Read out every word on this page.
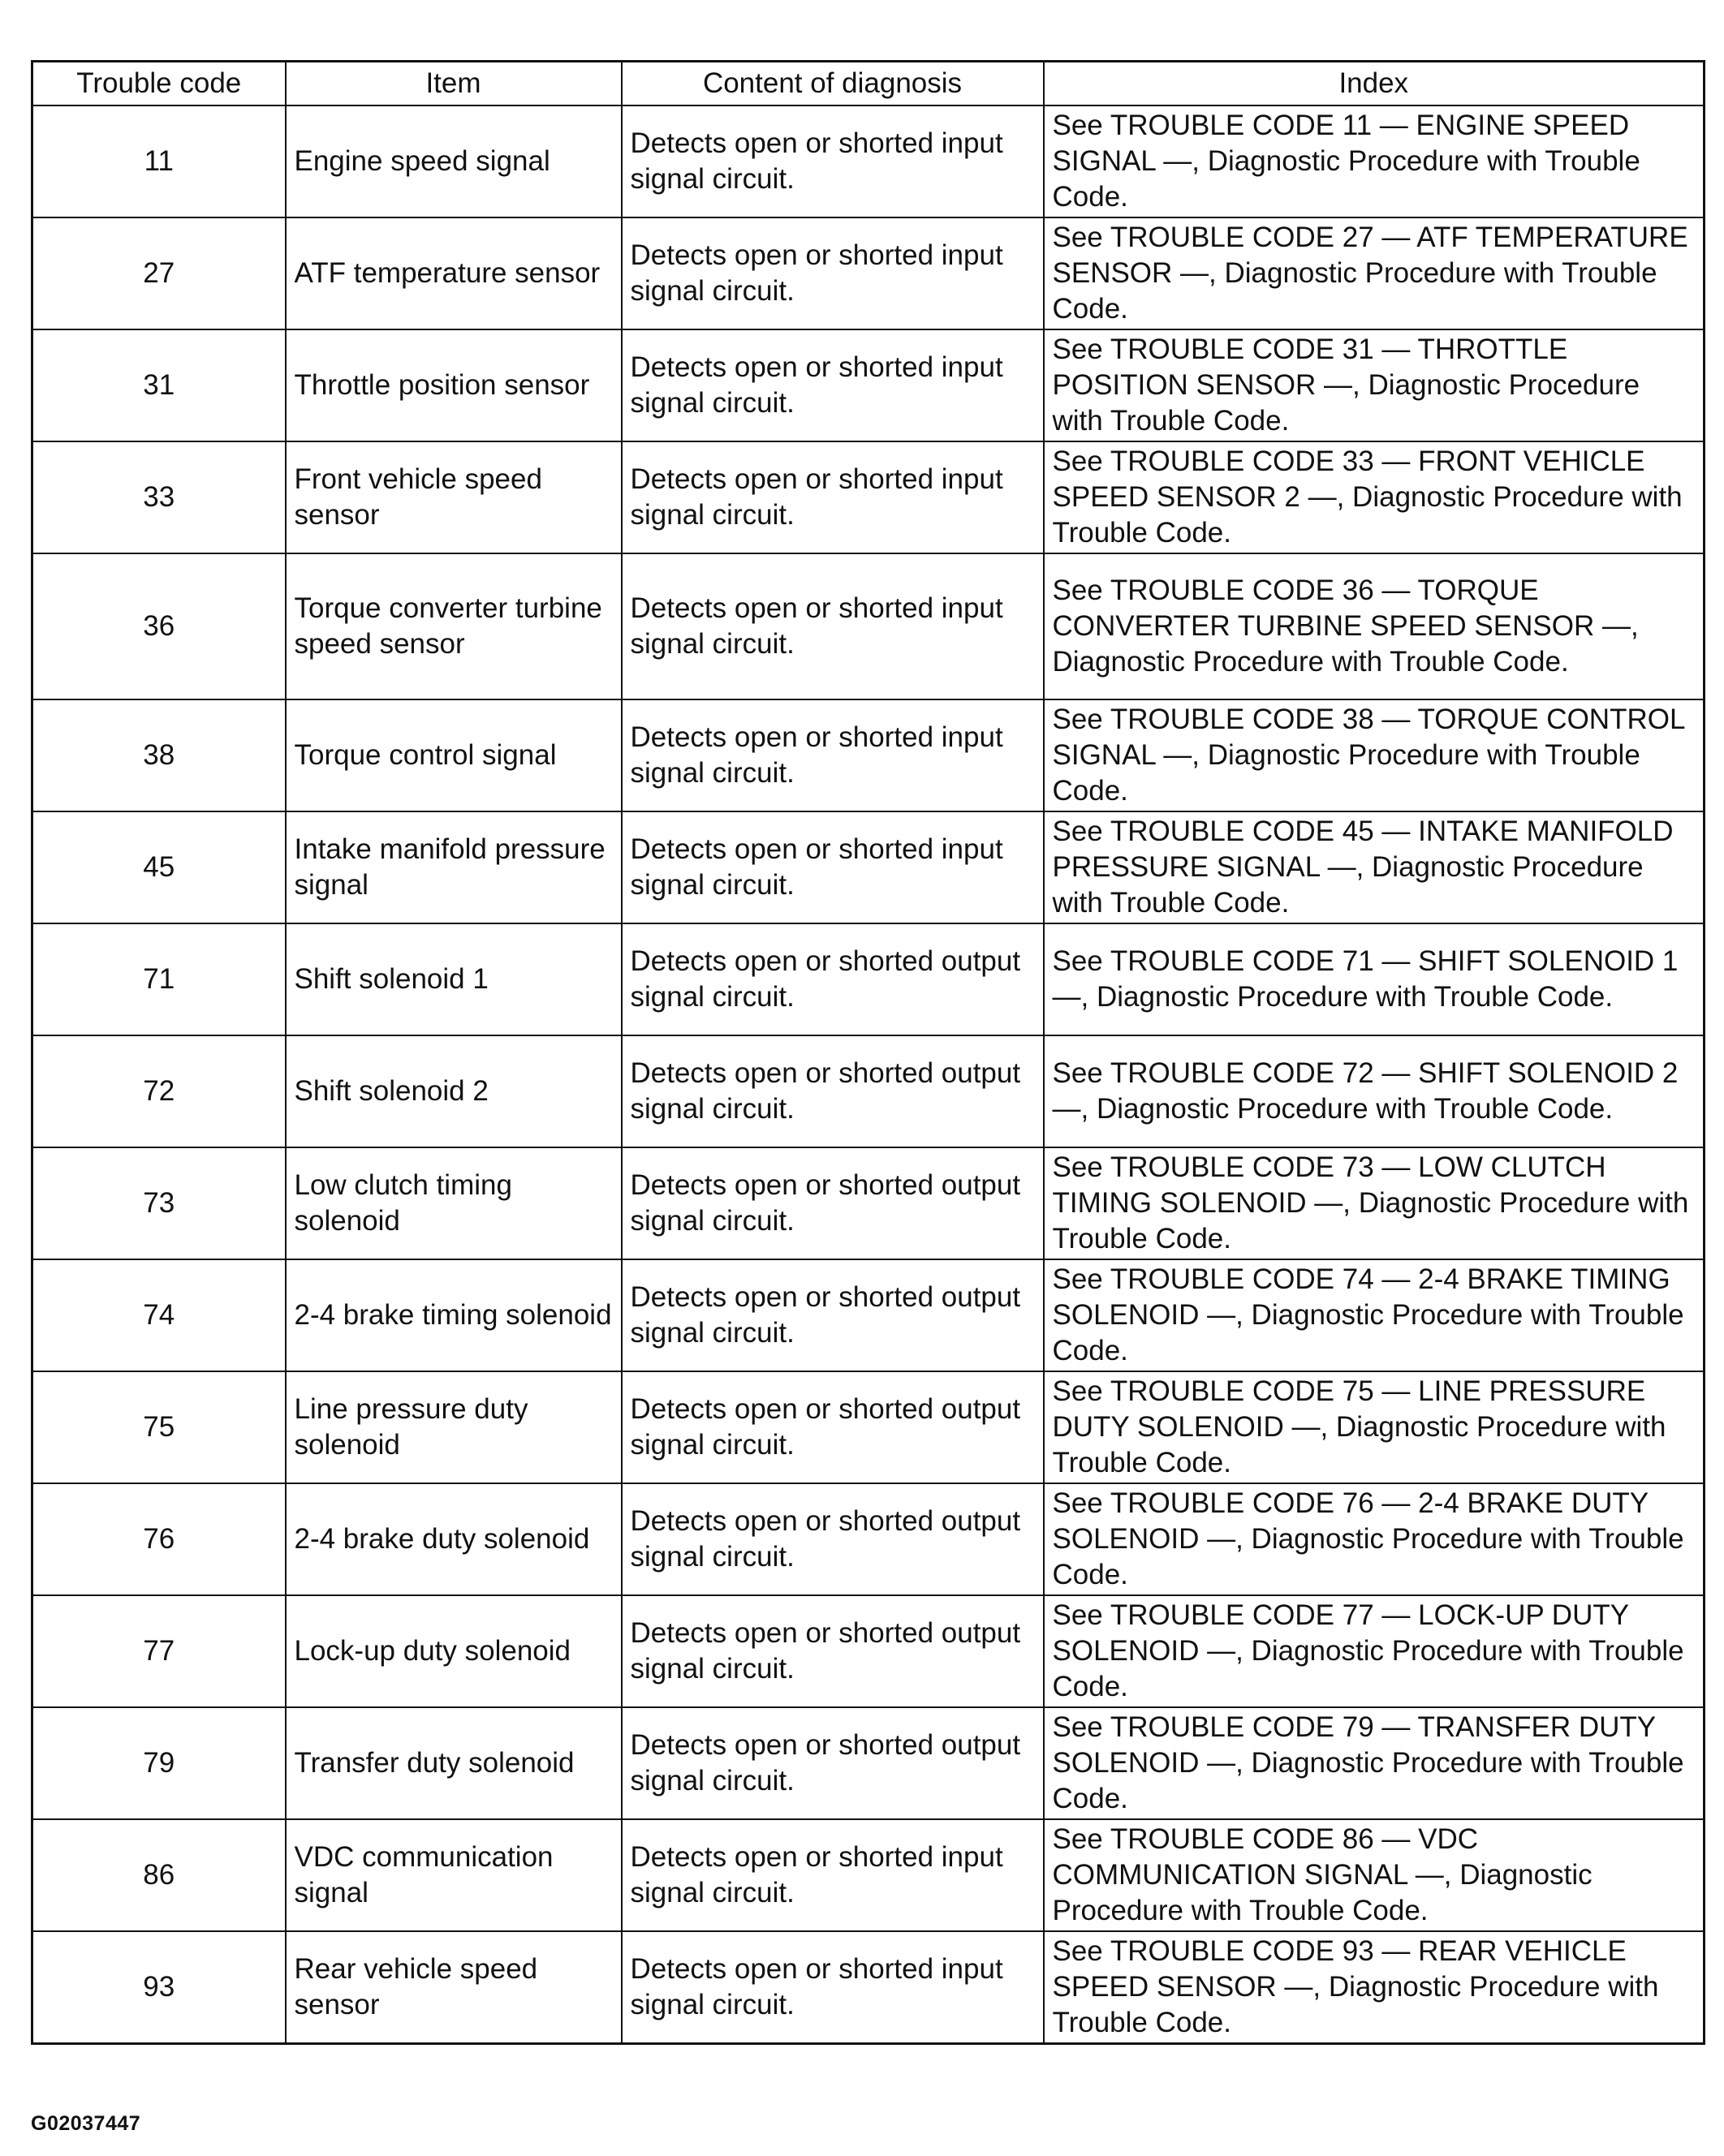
Trouble code	Item	Content of diagnosis	Index
11	Engine speed signal	Detects open or shorted input signal circuit.	See TROUBLE CODE 11 — ENGINE SPEED SIGNAL —, Diagnostic Procedure with Trouble Code.
27	ATF temperature sensor	Detects open or shorted input signal circuit.	See TROUBLE CODE 27 — ATF TEMPERATURE SENSOR —, Diagnostic Procedure with Trouble Code.
31	Throttle position sensor	Detects open or shorted input signal circuit.	See TROUBLE CODE 31 — THROTTLE POSITION SENSOR —, Diagnostic Procedure with Trouble Code.
33	Front vehicle speed sensor	Detects open or shorted input signal circuit.	See TROUBLE CODE 33 — FRONT VEHICLE SPEED SENSOR 2 —, Diagnostic Procedure with Trouble Code.
36	Torque converter turbine speed sensor	Detects open or shorted input signal circuit.	See TROUBLE CODE 36 — TORQUE CONVERTER TURBINE SPEED SENSOR —, Diagnostic Procedure with Trouble Code.
38	Torque control signal	Detects open or shorted input signal circuit.	See TROUBLE CODE 38 — TORQUE CONTROL SIGNAL —, Diagnostic Procedure with Trouble Code.
45	Intake manifold pressure signal	Detects open or shorted input signal circuit.	See TROUBLE CODE 45 — INTAKE MANIFOLD PRESSURE SIGNAL —, Diagnostic Procedure with Trouble Code.
71	Shift solenoid 1	Detects open or shorted output signal circuit.	See TROUBLE CODE 71 — SHIFT SOLENOID 1 —, Diagnostic Procedure with Trouble Code.
72	Shift solenoid 2	Detects open or shorted output signal circuit.	See TROUBLE CODE 72 — SHIFT SOLENOID 2 —, Diagnostic Procedure with Trouble Code.
73	Low clutch timing solenoid	Detects open or shorted output signal circuit.	See TROUBLE CODE 73 — LOW CLUTCH TIMING SOLENOID —, Diagnostic Procedure with Trouble Code.
74	2-4 brake timing solenoid	Detects open or shorted output signal circuit.	See TROUBLE CODE 74 — 2-4 BRAKE TIMING SOLENOID —, Diagnostic Procedure with Trouble Code.
75	Line pressure duty solenoid	Detects open or shorted output signal circuit.	See TROUBLE CODE 75 — LINE PRESSURE DUTY SOLENOID —, Diagnostic Procedure with Trouble Code.
76	2-4 brake duty solenoid	Detects open or shorted output signal circuit.	See TROUBLE CODE 76 — 2-4 BRAKE DUTY SOLENOID —, Diagnostic Procedure with Trouble Code.
77	Lock-up duty solenoid	Detects open or shorted output signal circuit.	See TROUBLE CODE 77 — LOCK-UP DUTY SOLENOID —, Diagnostic Procedure with Trouble Code.
79	Transfer duty solenoid	Detects open or shorted output signal circuit.	See TROUBLE CODE 79 — TRANSFER DUTY SOLENOID —, Diagnostic Procedure with Trouble Code.
86	VDC communication signal	Detects open or shorted input signal circuit.	See TROUBLE CODE 86 — VDC COMMUNICATION SIGNAL —, Diagnostic Procedure with Trouble Code.
93	Rear vehicle speed sensor	Detects open or shorted input signal circuit.	See TROUBLE CODE 93 — REAR VEHICLE SPEED SENSOR —, Diagnostic Procedure with Trouble Code.
G02037447
